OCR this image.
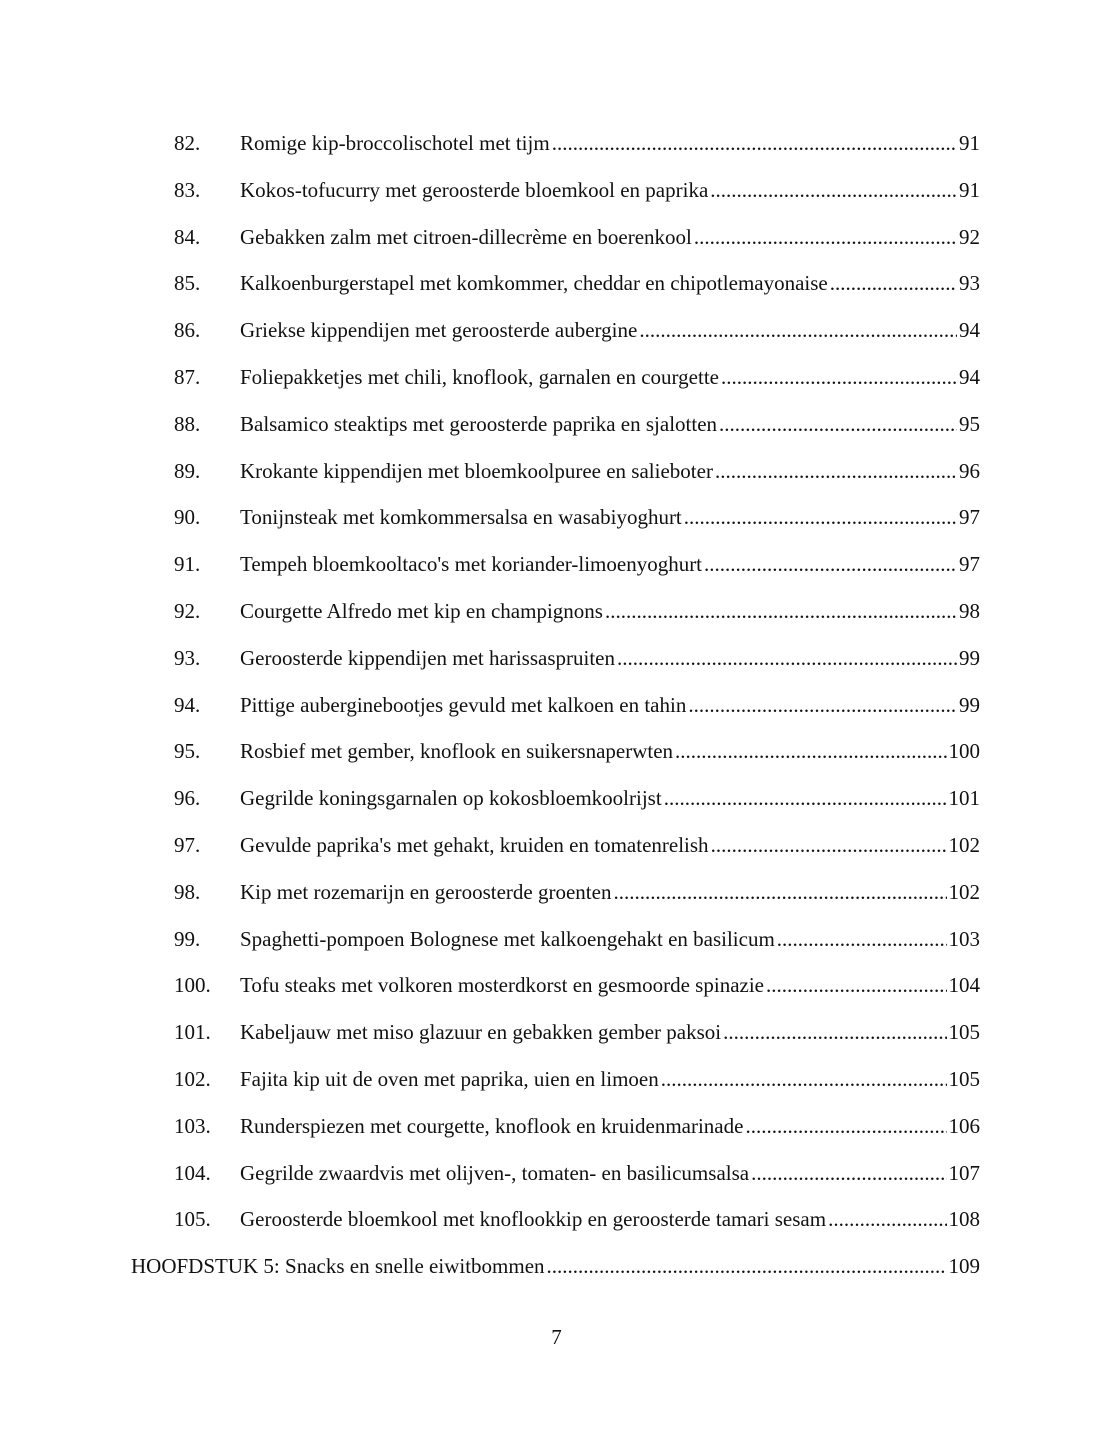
82. Romige kip-broccolischotel met tijm .....	91
83. Kokos-tofucurry met geroosterde bloemkool en paprika .....	91
84. Gebakken zalm met citroen-dillecrème en boerenkool .....	92
85. Kalkoenburgerstapel met komkommer, cheddar en chipotlemayonaise .....	93
86. Griekse kippendijen met geroosterde aubergine .....	94
87. Foliepakketjes met chili, knoflook, garnalen en courgette .....	94
88. Balsamico steaktips met geroosterde paprika en sjalotten .....	95
89. Krokante kippendijen met bloemkoolpuree en salieboter .....	96
90. Tonijnsteak met komkommersalsa en wasabiyoghurt .....	97
91. Tempeh bloemkooltaco's met koriander-limoenyoghurt .....	97
92. Courgette Alfredo met kip en champignons .....	98
93. Geroosterde kippendijen met harissaspruiten .....	99
94. Pittige auberginebootjes gevuld met kalkoen en tahin .....	99
95. Rosbief met gember, knoflook en suikersnaperwten .....	100
96. Gegrilde koningsgarnalen op kokosbloemkoolrijst .....	101
97. Gevulde paprika's met gehakt, kruiden en tomatenrelish .....	102
98. Kip met rozemarijn en geroosterde groenten .....	102
99. Spaghetti-pompoen Bolognese met kalkoengehakt en basilicum .....	103
100. Tofu steaks met volkoren mosterdkorst en gesmoorde spinazie .....	104
101. Kabeljauw met miso glazuur en gebakken gember paksoi .....	105
102. Fajita kip uit de oven met paprika, uien en limoen .....	105
103. Runderspiezen met courgette, knoflook en kruidenmarinade .....	106
104. Gegrilde zwaardvis met olijven-, tomaten- en basilicumsalsa .....	107
105. Geroosterde bloemkool met knoflookkip en geroosterde tamari sesam .....	108
HOOFDSTUK 5: Snacks en snelle eiwitbommen .....	109
7
